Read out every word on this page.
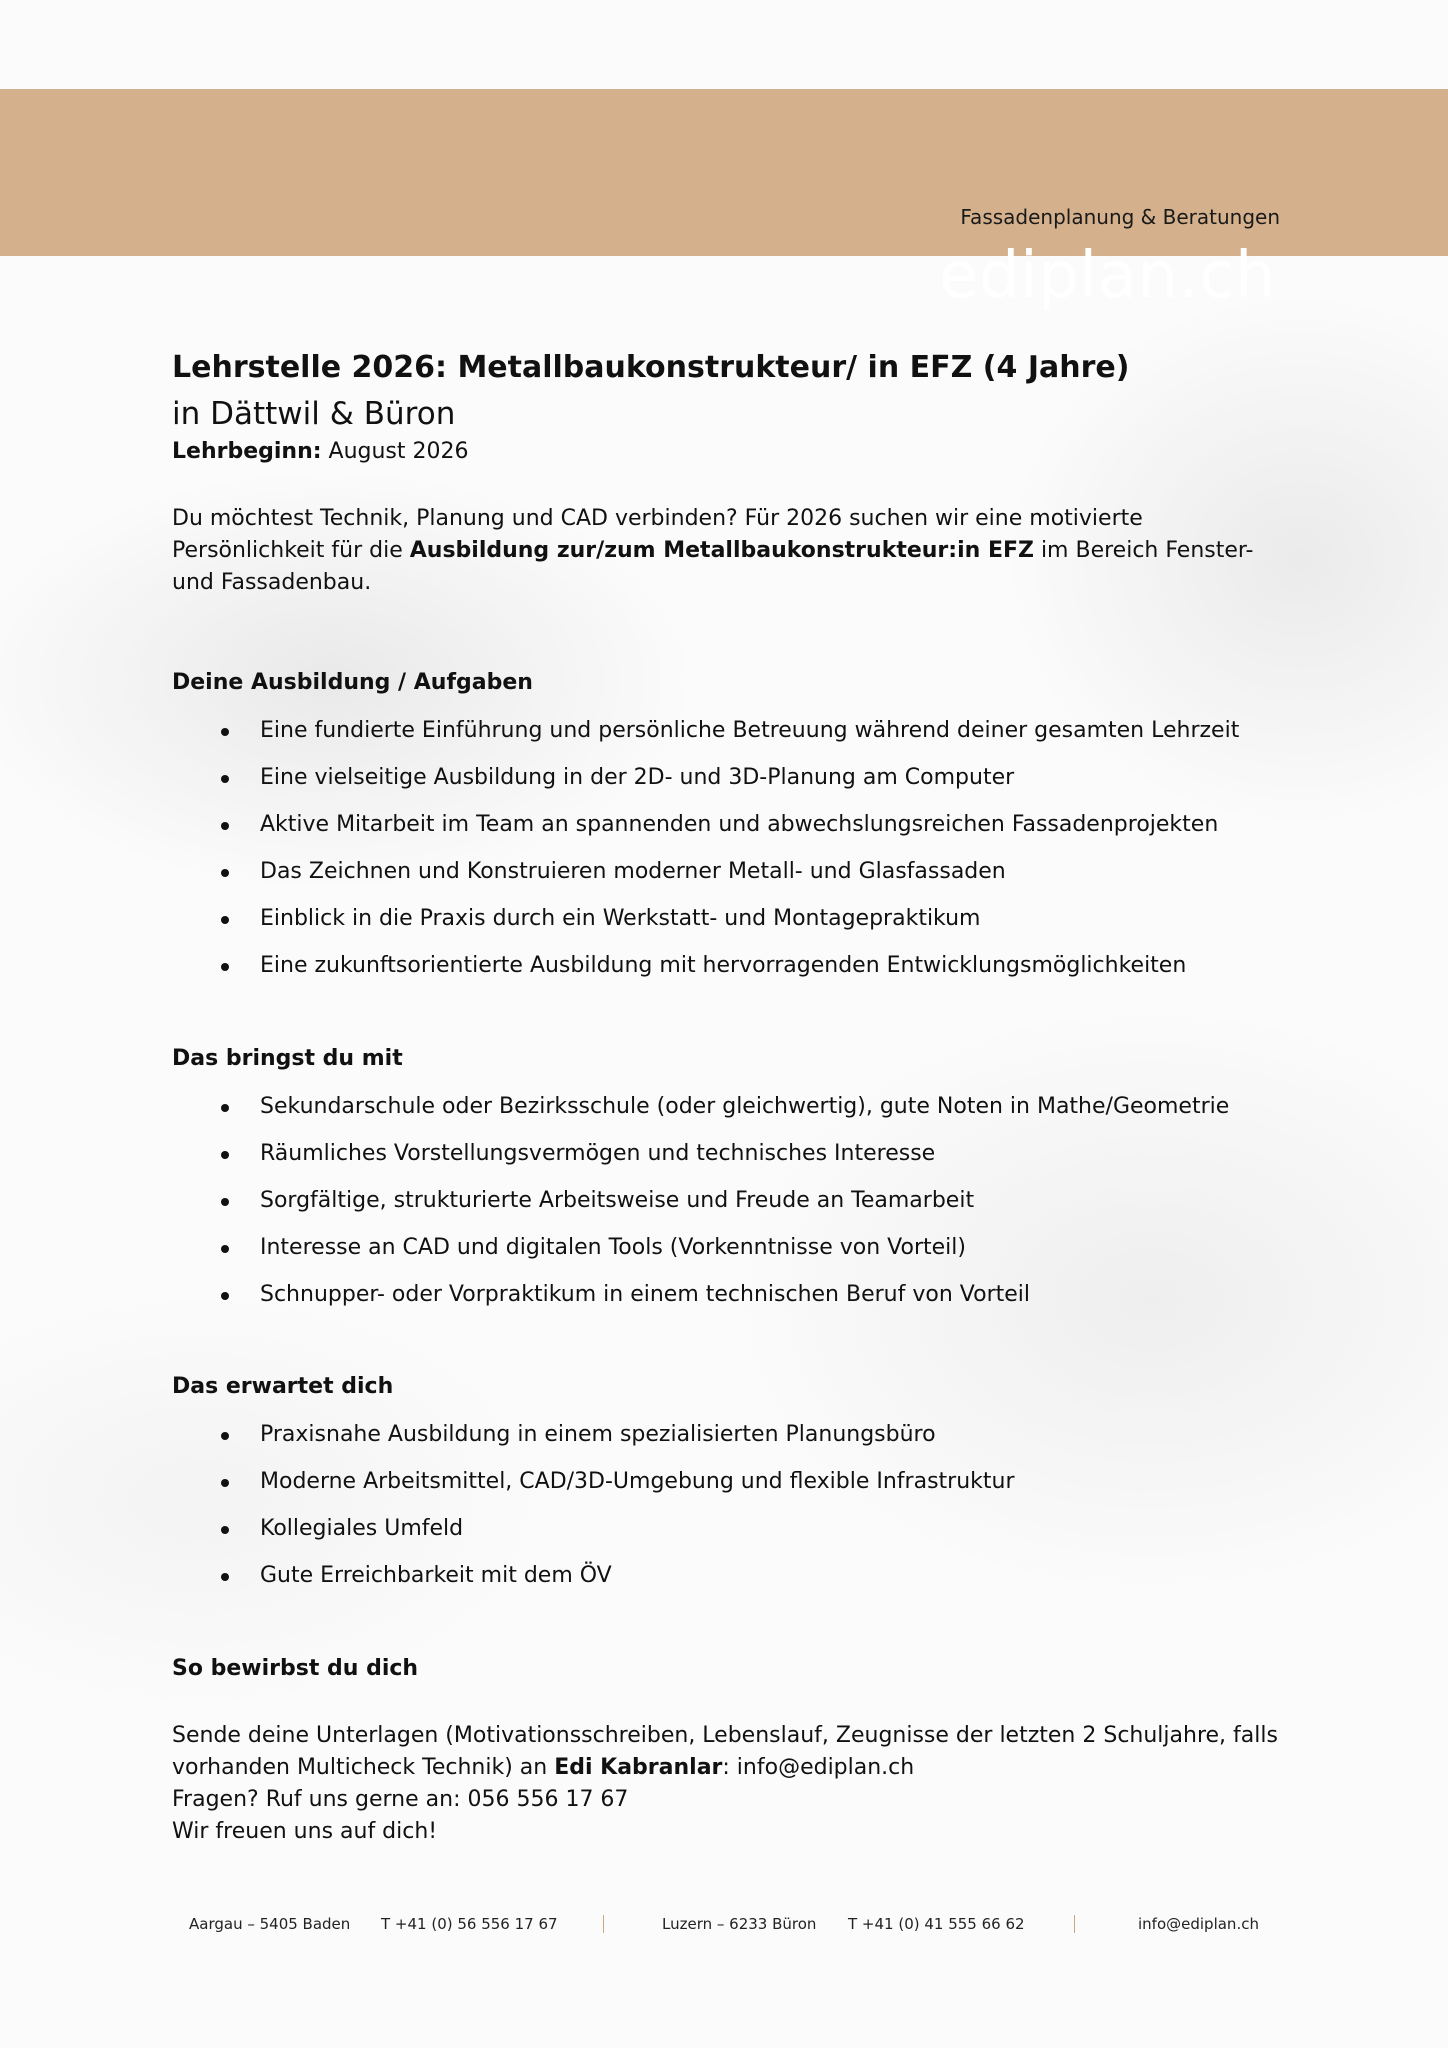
Fassadenplanung & Beratungen
ediplan.ch
Lehrstelle 2026: Metallbaukonstrukteur/ in EFZ (4 Jahre)
in Dättwil & Büron
Lehrbeginn: August 2026
Du möchtest Technik, Planung und CAD verbinden? Für 2026 suchen wir eine motivierte Persönlichkeit für die Ausbildung zur/zum Metallbaukonstrukteur:in EFZ im Bereich Fenster- und Fassadenbau.
Deine Ausbildung / Aufgaben
Eine fundierte Einführung und persönliche Betreuung während deiner gesamten Lehrzeit
Eine vielseitige Ausbildung in der 2D- und 3D-Planung am Computer
Aktive Mitarbeit im Team an spannenden und abwechslungsreichen Fassadenprojekten
Das Zeichnen und Konstruieren moderner Metall- und Glasfassaden
Einblick in die Praxis durch ein Werkstatt- und Montagepraktikum
Eine zukunftsorientierte Ausbildung mit hervorragenden Entwicklungsmöglichkeiten
Das bringst du mit
Sekundarschule oder Bezirksschule (oder gleichwertig), gute Noten in Mathe/Geometrie
Räumliches Vorstellungsvermögen und technisches Interesse
Sorgfältige, strukturierte Arbeitsweise und Freude an Teamarbeit
Interesse an CAD und digitalen Tools (Vorkenntnisse von Vorteil)
Schnupper- oder Vorpraktikum in einem technischen Beruf von Vorteil
Das erwartet dich
Praxisnahe Ausbildung in einem spezialisierten Planungsbüro
Moderne Arbeitsmittel, CAD/3D-Umgebung und flexible Infrastruktur
Kollegiales Umfeld
Gute Erreichbarkeit mit dem ÖV
So bewirbst du dich
Sende deine Unterlagen (Motivationsschreiben, Lebenslauf, Zeugnisse der letzten 2 Schuljahre, falls vorhanden Multicheck Technik) an Edi Kabranlar: info@ediplan.ch
Fragen? Ruf uns gerne an: 056 556 17 67
Wir freuen uns auf dich!
Aargau – 5405 Baden T +41 (0) 56 556 17 67	Luzern – 6233 Büron T +41 (0) 41 555 66 62	info@ediplan.ch
